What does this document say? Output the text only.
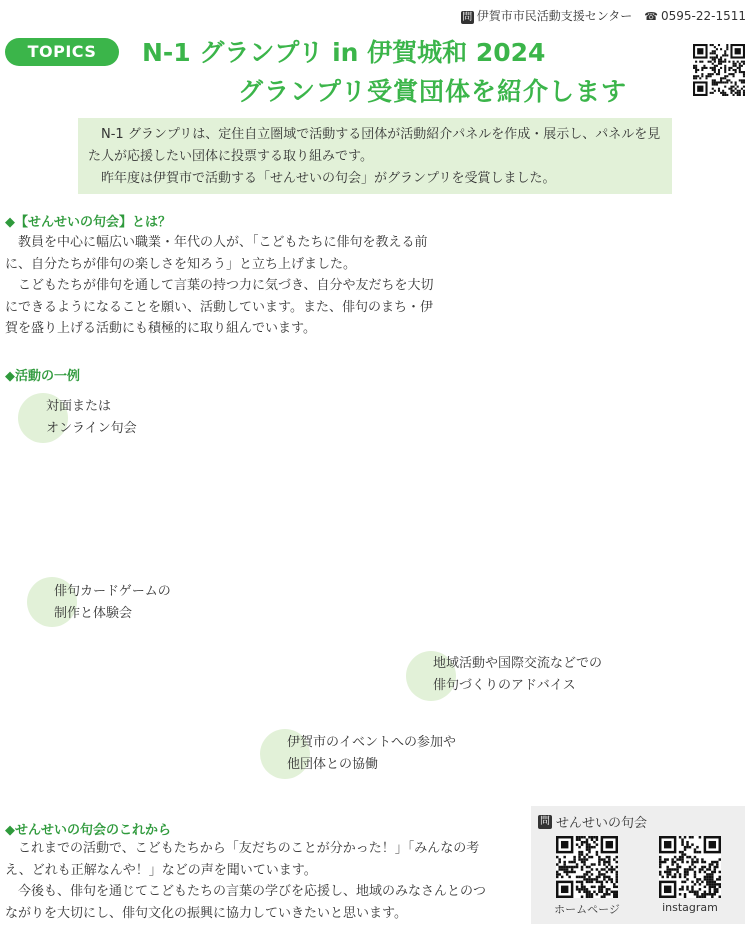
問 伊賀市市民活動支援センター ☎ 0595-22-1511
TOPICS	N-1 グランプリ in 伊賀城和 2024
グランプリ受賞団体を紹介します

N-1 グランプリは、定住自立圏域で活動する団体が活動紹介パネルを作成・展示し、パネルを見た人が応援したい団体に投票する取り組みです。

昨年度は伊賀市で活動する「せんせいの句会」がグランプリを受賞しました。

◆【せんせいの句会】とは？

教員を中心に幅広い職業・年代の人が、「こどもたちに俳句を教える前に、自分たちが俳句の楽しさを知ろう」と立ち上げました。

こどもたちが俳句を通して言葉の持つ力に気づき、自分や友だちを大切にできるようになることを願い、活動しています。また、俳句のまち・伊賀を盛り上げる活動にも積極的に取り組んでいます。

◆活動の一例
対面または
オンライン句会
俳句カードゲームの
制作と体験会
地域活動や国際交流などでの
俳句づくりのアドバイス
伊賀市のイベントへの参加や
他団体との協働
◆せんせいの句会のこれから

これまでの活動で、こどもたちから「友だちのことが分かった！」「みんなの考え、どれも正解なんや！」などの声を聞いています。

今後も、俳句を通じてこどもたちの言葉の学びを応援し、地域のみなさんとのつながりを大切にし、俳句文化の振興に協力していきたいと思います。

問 せんせいの句会
ホームページ	instagram
